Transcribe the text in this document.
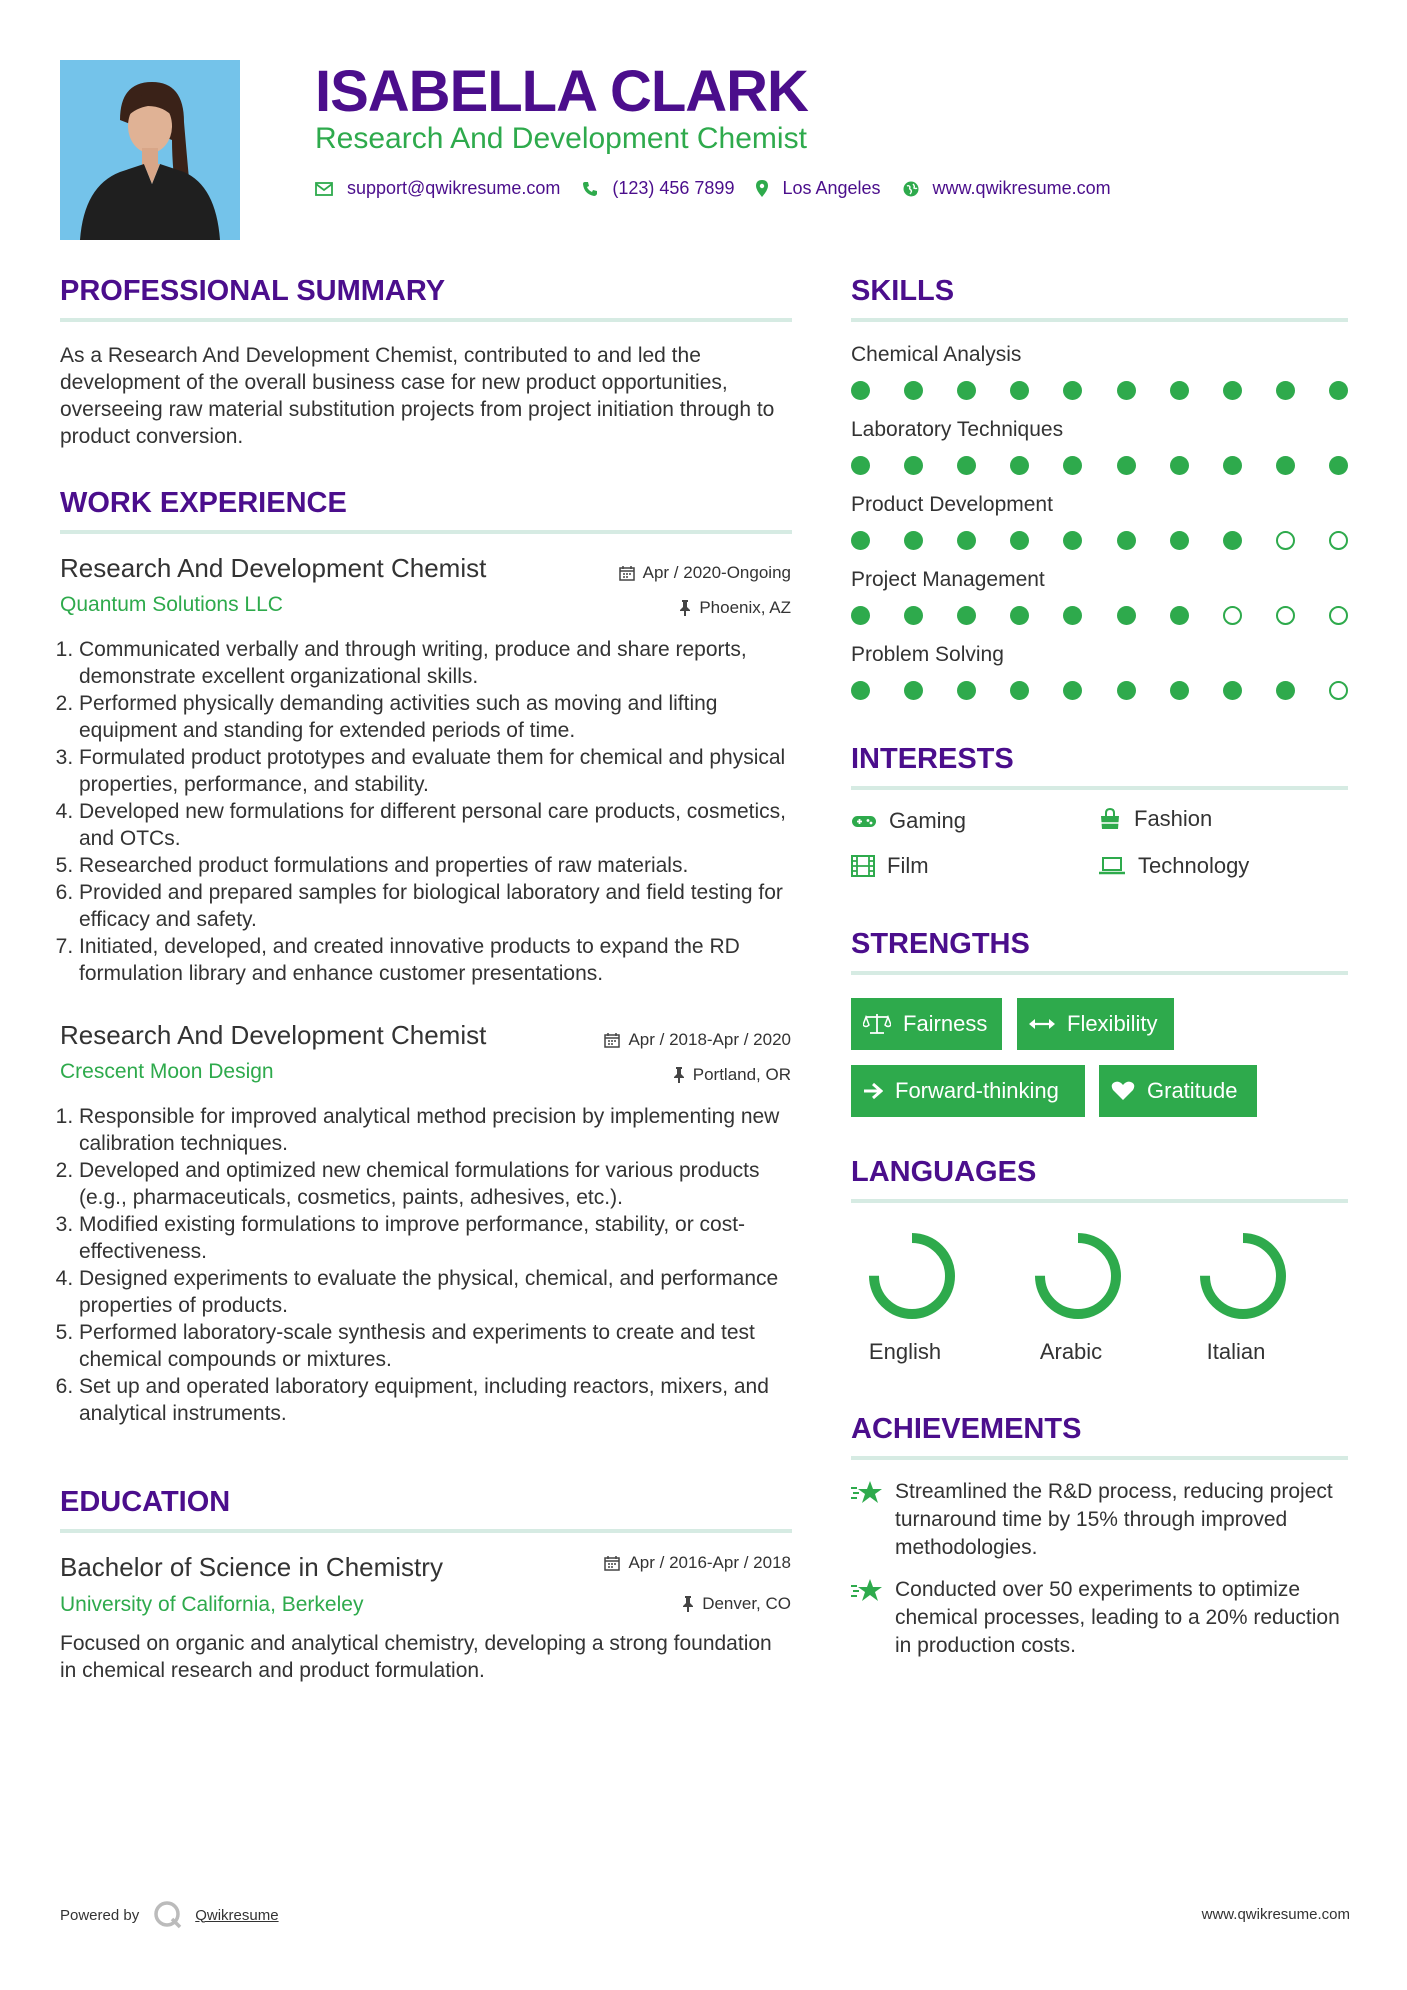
ISABELLA CLARK
Research And Development Chemist
support@qwikresume.com	(123) 456 7899	Los Angeles	www.qwikresume.com
PROFESSIONAL SUMMARY
As a Research And Development Chemist, contributed to and led the development of the overall business case for new product opportunities, overseeing raw material substitution projects from project initiation through to product conversion.
WORK EXPERIENCE
Research And Development Chemist	Apr / 2020-Ongoing
Quantum Solutions LLC	Phoenix, AZ
1. Communicated verbally and through writing, produce and share reports, demonstrate excellent organizational skills.
2. Performed physically demanding activities such as moving and lifting equipment and standing for extended periods of time.
3. Formulated product prototypes and evaluate them for chemical and physical properties, performance, and stability.
4. Developed new formulations for different personal care products, cosmetics, and OTCs.
5. Researched product formulations and properties of raw materials.
6. Provided and prepared samples for biological laboratory and field testing for efficacy and safety.
7. Initiated, developed, and created innovative products to expand the RD formulation library and enhance customer presentations.
Research And Development Chemist	Apr / 2018-Apr / 2020
Crescent Moon Design	Portland, OR
1. Responsible for improved analytical method precision by implementing new calibration techniques.
2. Developed and optimized new chemical formulations for various products (e.g., pharmaceuticals, cosmetics, paints, adhesives, etc.).
3. Modified existing formulations to improve performance, stability, or cost-effectiveness.
4. Designed experiments to evaluate the physical, chemical, and performance properties of products.
5. Performed laboratory-scale synthesis and experiments to create and test chemical compounds or mixtures.
6. Set up and operated laboratory equipment, including reactors, mixers, and analytical instruments.
EDUCATION
Bachelor of Science in Chemistry	Apr / 2016-Apr / 2018
University of California, Berkeley	Denver, CO
Focused on organic and analytical chemistry, developing a strong foundation in chemical research and product formulation.
SKILLS
Chemical Analysis
Laboratory Techniques
Product Development
Project Management
Problem Solving
INTERESTS
Gaming	Fashion
Film	Technology
STRENGTHS
Fairness	Flexibility
Forward-thinking	Gratitude
LANGUAGES
English	Arabic	Italian
ACHIEVEMENTS
Streamlined the R&D process, reducing project turnaround time by 15% through improved methodologies.
Conducted over 50 experiments to optimize chemical processes, leading to a 20% reduction in production costs.
Powered by	Qwikresume	www.qwikresume.com
